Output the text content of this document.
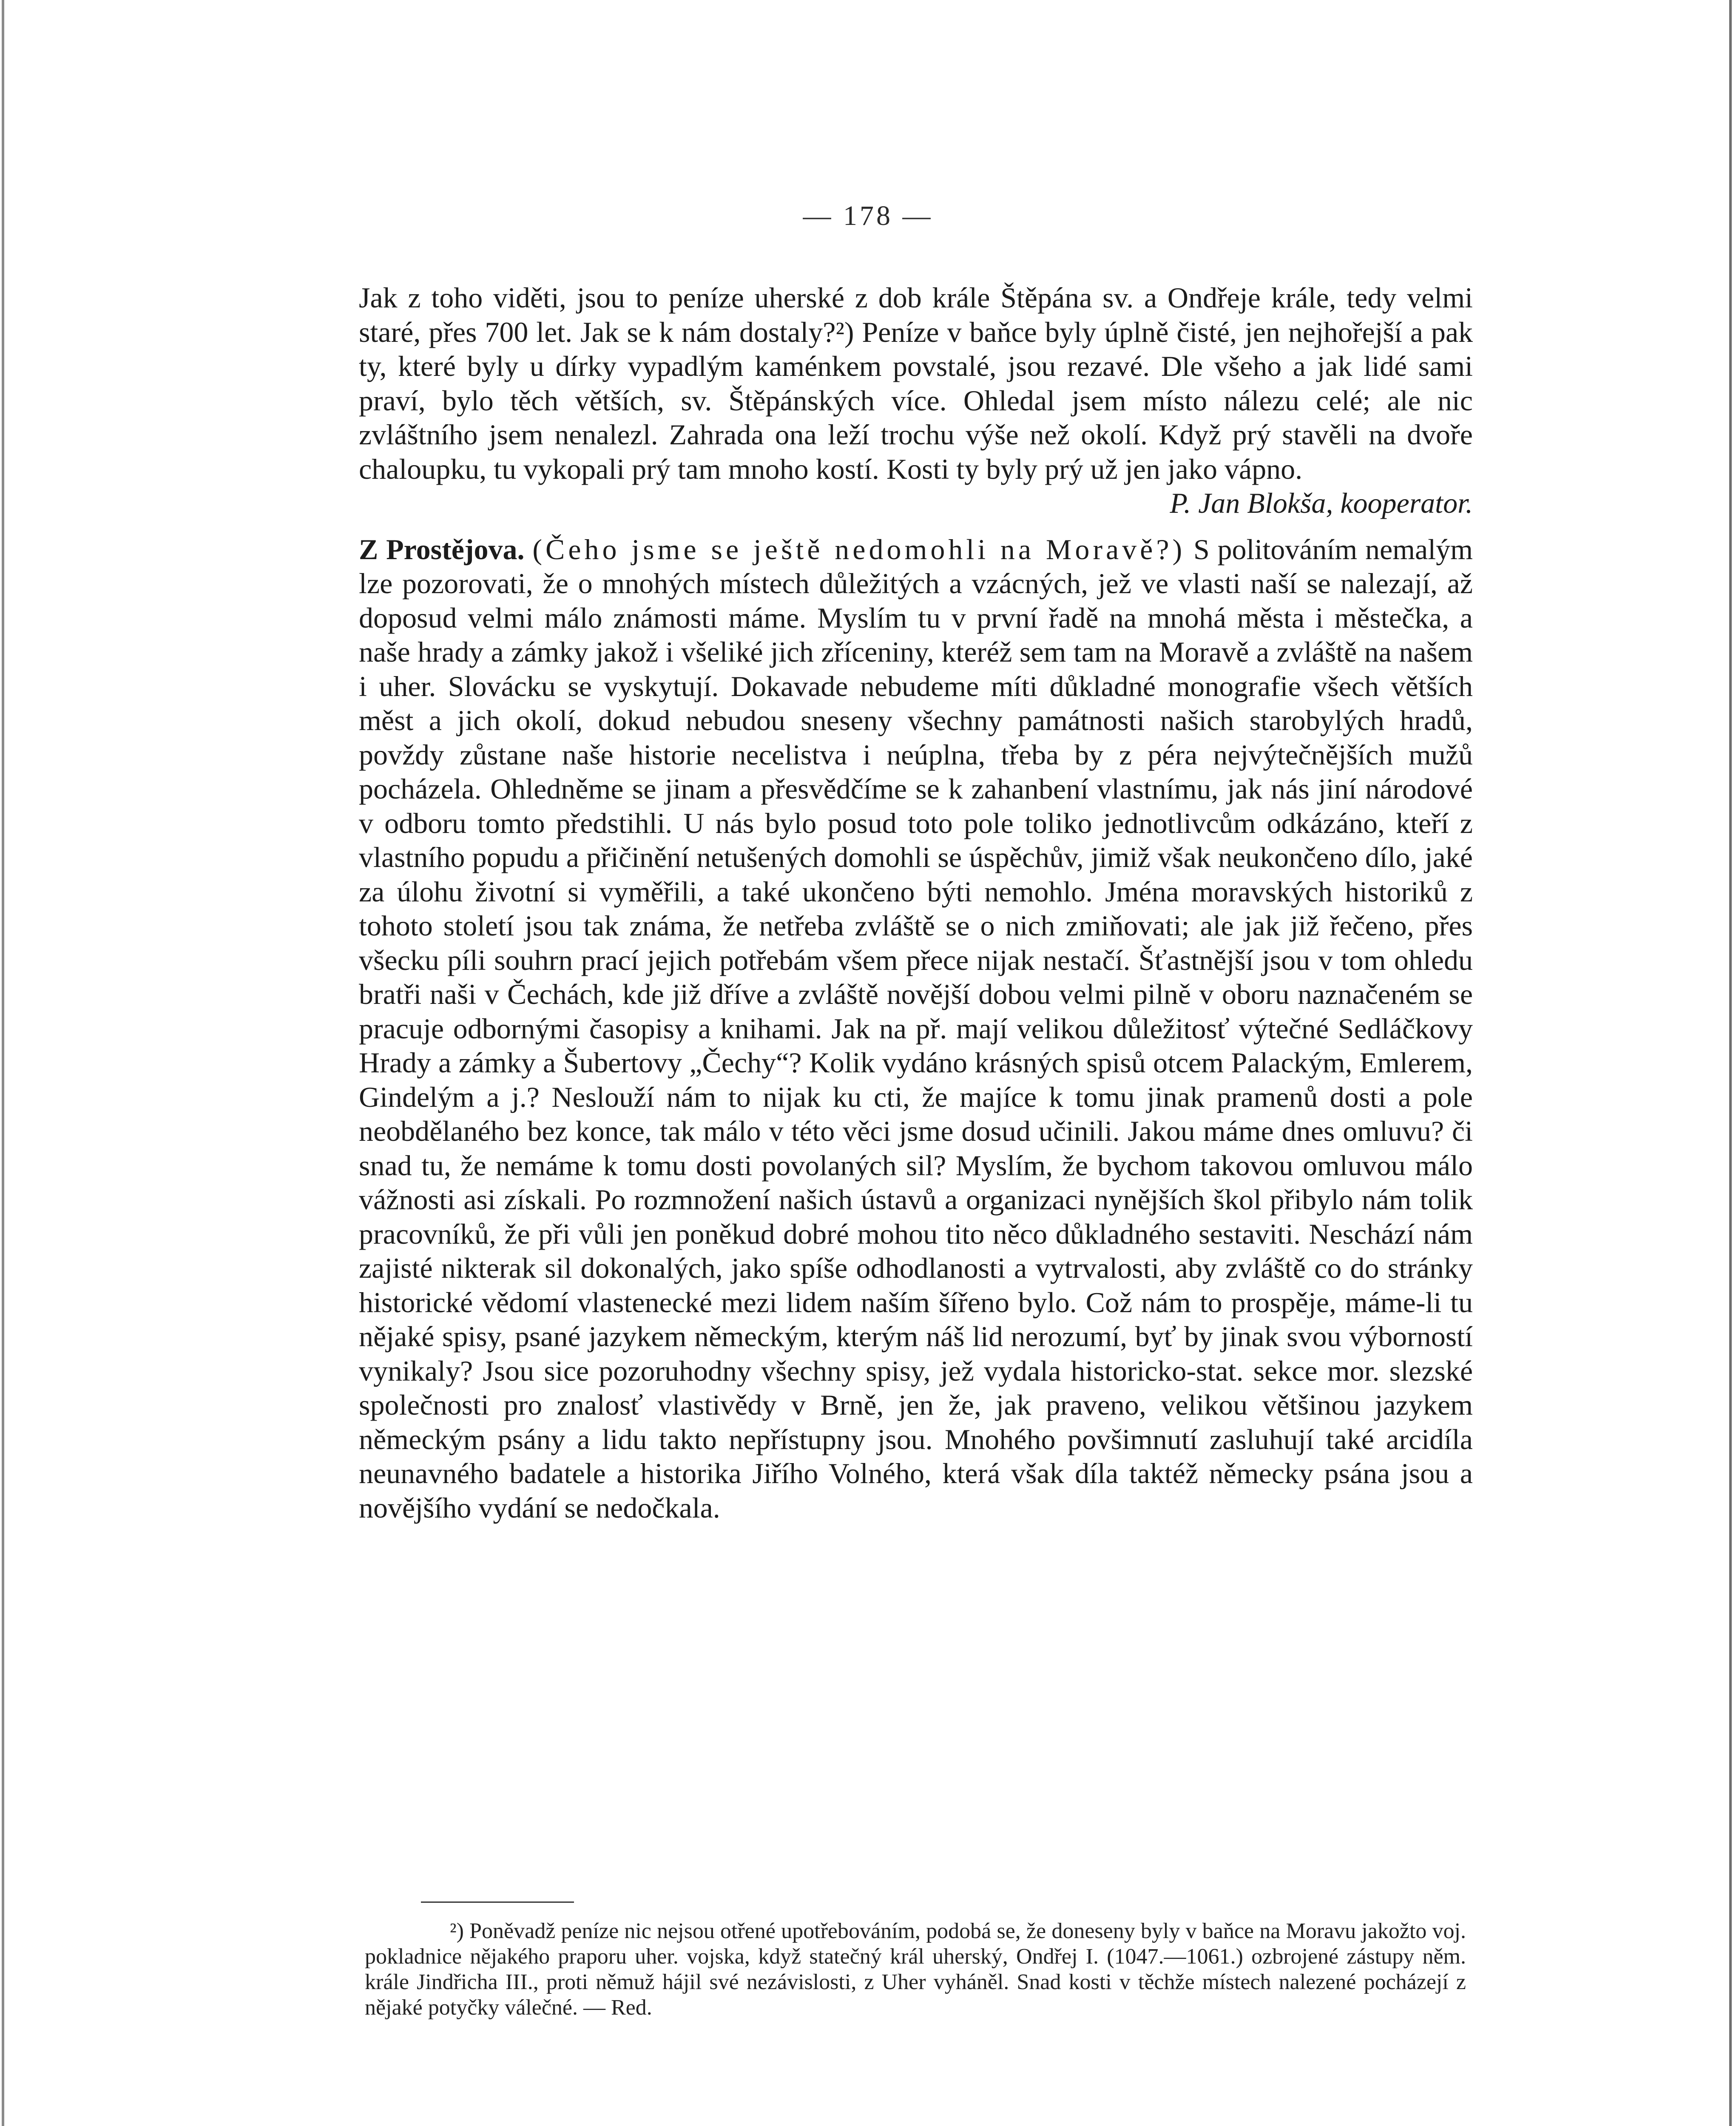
— 178 —

Jak z toho viděti, jsou to peníze uherské z dob krále Štěpána sv. a Ondřeje krále, tedy velmi staré, přes 700 let. Jak se k nám dostaly?²) Peníze v baňce byly úplně čisté, jen nejhořejší a pak ty, které byly u dírky vypadlým kaménkem povstalé, jsou rezavé. Dle všeho a jak lidé sami praví, bylo těch větších, sv. Štěpánských více. Ohledal jsem místo nálezu celé; ale nic zvláštního jsem nenalezl. Zahrada ona leží trochu výše než okolí. Když prý stavěli na dvoře chaloupku, tu vykopali prý tam mnoho kostí. Kosti ty byly prý už jen jako vápno.
P. Jan Blokša, kooperator.

Z Prostějova. (Čeho jsme se ještě nedomohli na Moravě?) S politováním nemalým lze pozorovati, že o mnohých místech důležitých a vzácných, jež ve vlasti naší se nalezají, až doposud velmi málo známosti máme. Myslím tu v první řadě na mnohá města i městečka, a naše hrady a zámky jakož i všeliké jich zříceniny, kteréž sem tam na Moravě a zvláště na našem i uher. Slovácku se vyskytují. Dokavade nebudeme míti důkladné monografie všech větších měst a jich okolí, dokud nebudou sneseny všechny památnosti našich starobylých hradů, povždy zůstane naše historie necelistva i neúplna, třeba by z péra nejvýtečnějších mužů pocházela. Ohledněme se jinam a přesvědčíme se k zahanbení vlastnímu, jak nás jiní národové v odboru tomto předstihli. U nás bylo posud toto pole toliko jednotlivcům odkázáno, kteří z vlastního popudu a přičinění netušených domohli se úspěchův, jimiž však neukončeno dílo, jaké za úlohu životní si vyměřili, a také ukončeno býti nemohlo. Jména moravských historiků z tohoto století jsou tak známa, že netřeba zvláště se o nich zmiňovati; ale jak již řečeno, přes všecku píli souhrn prací jejich potřebám všem přece nijak nestačí. Šťastnější jsou v tom ohledu bratři naši v Čechách, kde již dříve a zvláště novější dobou velmi pilně v oboru naznačeném se pracuje odbornými časopisy a knihami. Jak na př. mají velikou důležitosť výtečné Sedláčkovy Hrady a zámky a Šubertovy „Čechy“? Kolik vydáno krásných spisů otcem Palackým, Emlerem, Gindelým a j.? Neslouží nám to nijak ku cti, že majíce k tomu jinak pramenů dosti a pole neobdělaného bez konce, tak málo v této věci jsme dosud učinili. Jakou máme dnes omluvu? či snad tu, že nemáme k tomu dosti povolaných sil? Myslím, že bychom takovou omluvou málo vážnosti asi získali. Po rozmnožení našich ústavů a organizaci nynějších škol přibylo nám tolik pracovníků, že při vůli jen poněkud dobré mohou tito něco důkladného sestaviti. Neschází nám zajisté nikterak sil dokonalých, jako spíše odhodlanosti a vytrvalosti, aby zvláště co do stránky historické vědomí vlastenecké mezi lidem naším šířeno bylo. Což nám to prospěje, máme-li tu nějaké spisy, psané jazykem německým, kterým náš lid nerozumí, byť by jinak svou výborností vynikaly? Jsou sice pozoruhodny všechny spisy, jež vydala historicko-stat. sekce mor. slezské společnosti pro znalosť vlastivědy v Brně, jen že, jak praveno, velikou většinou jazykem německým psány a lidu takto nepřístupny jsou. Mnohého povšimnutí zasluhují také arcidíla neunavného badatele a historika Jiřího Volného, která však díla taktéž německy psána jsou a novějšího vydání se nedočkala.

²) Poněvadž peníze nic nejsou otřené upotřebováním, podobá se, že doneseny byly v baňce na Moravu jakožto voj. pokladnice nějakého praporu uher. vojska, když statečný král uherský, Ondřej I. (1047.—1061.) ozbrojené zástupy něm. krále Jindřicha III., proti němuž hájil své nezávislosti, z Uher vyháněl. Snad kosti v těchže místech nalezené pocházejí z nějaké potyčky válečné. — Red.
